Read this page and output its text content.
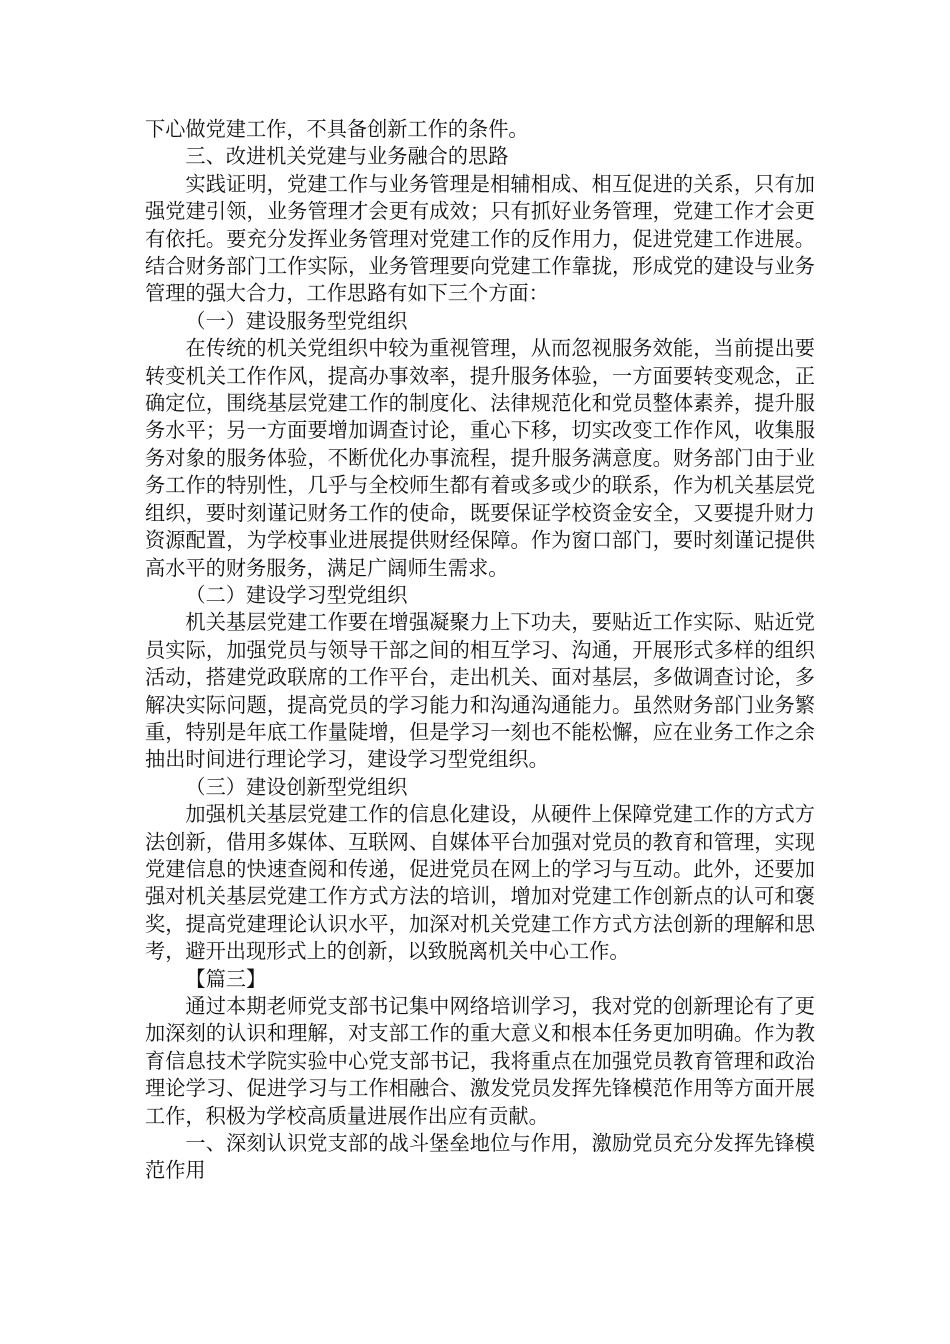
下心做党建工作，不具备创新工作的条件。

三、改进机关党建与业务融合的思路

实践证明，党建工作与业务管理是相辅相成、相互促进的关系，只有加强党建引领，业务管理才会更有成效；只有抓好业务管理，党建工作才会更有依托。要充分发挥业务管理对党建工作的反作用力，促进党建工作进展。结合财务部门工作实际，业务管理要向党建工作靠拢，形成党的建设与业务管理的强大合力，工作思路有如下三个方面：

（一）建设服务型党组织

在传统的机关党组织中较为重视管理，从而忽视服务效能，当前提出要转变机关工作作风，提高办事效率，提升服务体验，一方面要转变观念，正确定位，围绕基层党建工作的制度化、法律规范化和党员整体素养，提升服务水平；另一方面要增加调查讨论，重心下移，切实改变工作作风，收集服务对象的服务体验，不断优化办事流程，提升服务满意度。财务部门由于业务工作的特别性，几乎与全校师生都有着或多或少的联系，作为机关基层党组织，要时刻谨记财务工作的使命，既要保证学校资金安全，又要提升财力资源配置，为学校事业进展提供财经保障。作为窗口部门，要时刻谨记提供高水平的财务服务，满足广阔师生需求。

（二）建设学习型党组织

机关基层党建工作要在增强凝聚力上下功夫，要贴近工作实际、贴近党员实际，加强党员与领导干部之间的相互学习、沟通，开展形式多样的组织活动，搭建党政联席的工作平台，走出机关、面对基层，多做调查讨论，多解决实际问题，提高党员的学习能力和沟通沟通能力。虽然财务部门业务繁重，特别是年底工作量陡增，但是学习一刻也不能松懈，应在业务工作之余抽出时间进行理论学习，建设学习型党组织。

（三）建设创新型党组织

加强机关基层党建工作的信息化建设，从硬件上保障党建工作的方式方法创新，借用多媒体、互联网、自媒体平台加强对党员的教育和管理，实现党建信息的快速查阅和传递，促进党员在网上的学习与互动。此外，还要加强对机关基层党建工作方式方法的培训，增加对党建工作创新点的认可和褒奖，提高党建理论认识水平，加深对机关党建工作方式方法创新的理解和思考，避开出现形式上的创新，以致脱离机关中心工作。

【篇三】

通过本期老师党支部书记集中网络培训学习，我对党的创新理论有了更加深刻的认识和理解，对支部工作的重大意义和根本任务更加明确。作为教育信息技术学院实验中心党支部书记，我将重点在加强党员教育管理和政治理论学习、促进学习与工作相融合、激发党员发挥先锋模范作用等方面开展工作，积极为学校高质量进展作出应有贡献。

一、深刻认识党支部的战斗堡垒地位与作用，激励党员充分发挥先锋模范作用
